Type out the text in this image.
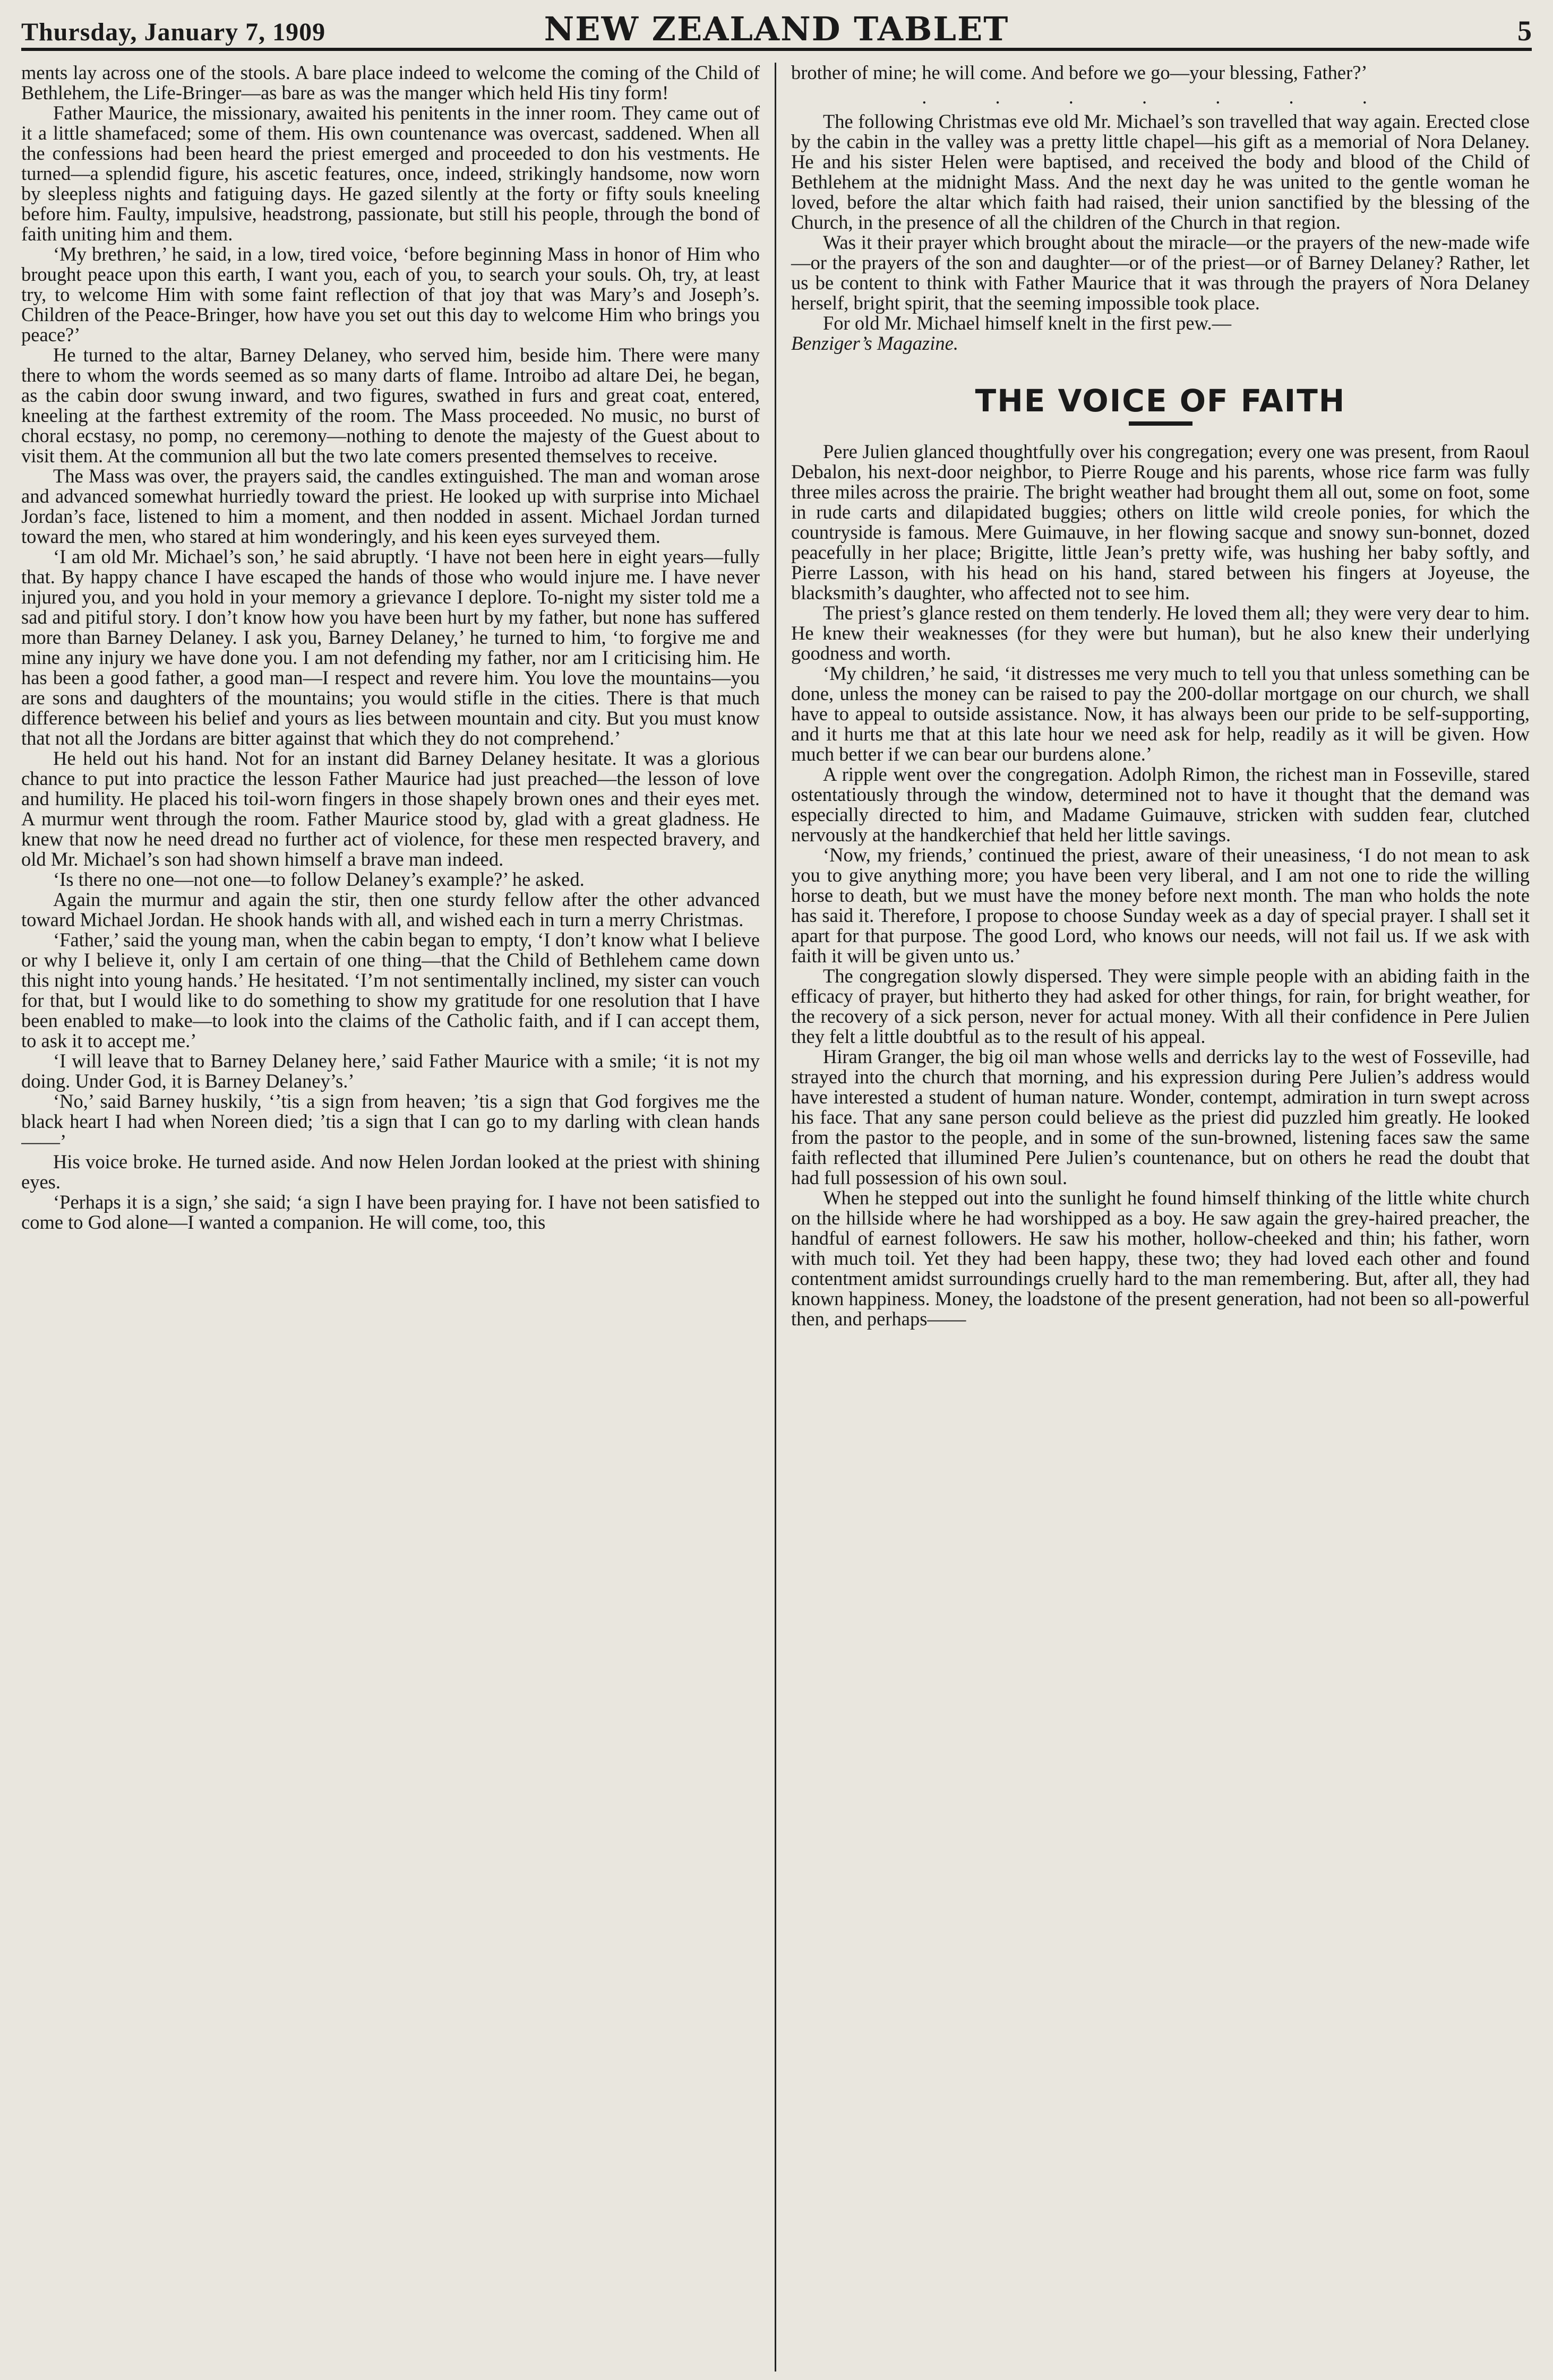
Thursday, January 7, 1909	NEW ZEALAND TABLET	5

ments lay across one of the stools. A bare place indeed to welcome the coming of the Child of Bethlehem, the Life-Bringer—as bare as was the manger which held His tiny form!

Father Maurice, the missionary, awaited his penitents in the inner room. They came out of it a little shamefaced; some of them. His own countenance was overcast, saddened. When all the confessions had been heard the priest emerged and proceeded to don his vestments. He turned—a splendid figure, his ascetic features, once, indeed, strikingly handsome, now worn by sleepless nights and fatiguing days. He gazed silently at the forty or fifty souls kneeling before him. Faulty, impulsive, headstrong, passionate, but still his people, through the bond of faith uniting him and them.

‘My brethren,’ he said, in a low, tired voice, ‘before beginning Mass in honor of Him who brought peace upon this earth, I want you, each of you, to search your souls. Oh, try, at least try, to welcome Him with some faint reflection of that joy that was Mary’s and Joseph’s. Children of the Peace-Bringer, how have you set out this day to welcome Him who brings you peace?’

He turned to the altar, Barney Delaney, who served him, beside him. There were many there to whom the words seemed as so many darts of flame. Introibo ad altare Dei, he began, as the cabin door swung inward, and two figures, swathed in furs and great coat, entered, kneeling at the farthest extremity of the room. The Mass proceeded. No music, no burst of choral ecstasy, no pomp, no ceremony—nothing to denote the majesty of the Guest about to visit them. At the communion all but the two late comers presented themselves to receive.

The Mass was over, the prayers said, the candles extinguished. The man and woman arose and advanced somewhat hurriedly toward the priest. He looked up with surprise into Michael Jordan’s face, listened to him a moment, and then nodded in assent. Michael Jordan turned toward the men, who stared at him wonderingly, and his keen eyes surveyed them.

‘I am old Mr. Michael’s son,’ he said abruptly. ‘I have not been here in eight years—fully that. By happy chance I have escaped the hands of those who would injure me. I have never injured you, and you hold in your memory a grievance I deplore. To-night my sister told me a sad and pitiful story. I don’t know how you have been hurt by my father, but none has suffered more than Barney Delaney. I ask you, Barney Delaney,’ he turned to him, ‘to forgive me and mine any injury we have done you. I am not defending my father, nor am I criticising him. He has been a good father, a good man—I respect and revere him. You love the mountains—you are sons and daughters of the mountains; you would stifle in the cities. There is that much difference between his belief and yours as lies between mountain and city. But you must know that not all the Jordans are bitter against that which they do not comprehend.’

He held out his hand. Not for an instant did Barney Delaney hesitate. It was a glorious chance to put into practice the lesson Father Maurice had just preached—the lesson of love and humility. He placed his toil-worn fingers in those shapely brown ones and their eyes met. A murmur went through the room. Father Maurice stood by, glad with a great gladness. He knew that now he need dread no further act of violence, for these men respected bravery, and old Mr. Michael’s son had shown himself a brave man indeed.

‘Is there no one—not one—to follow Delaney’s example?’ he asked.

Again the murmur and again the stir, then one sturdy fellow after the other advanced toward Michael Jordan. He shook hands with all, and wished each in turn a merry Christmas.

‘Father,’ said the young man, when the cabin began to empty, ‘I don’t know what I believe or why I believe it, only I am certain of one thing—that the Child of Bethlehem came down this night into young hands.’ He hesitated. ‘I’m not sentimentally inclined, my sister can vouch for that, but I would like to do something to show my gratitude for one resolution that I have been enabled to make—to look into the claims of the Catholic faith, and if I can accept them, to ask it to accept me.’

‘I will leave that to Barney Delaney here,’ said Father Maurice with a smile; ‘it is not my doing. Under God, it is Barney Delaney’s.’

‘No,’ said Barney huskily, ‘’tis a sign from heaven; ’tis a sign that God forgives me the black heart I had when Noreen died; ’tis a sign that I can go to my darling with clean hands——’

His voice broke. He turned aside. And now Helen Jordan looked at the priest with shining eyes.

‘Perhaps it is a sign,’ she said; ‘a sign I have been praying for. I have not been satisfied to come to God alone—I wanted a companion. He will come, too, this

brother of mine; he will come. And before we go—your blessing, Father?’

. . . . . . .

The following Christmas eve old Mr. Michael’s son travelled that way again. Erected close by the cabin in the valley was a pretty little chapel—his gift as a memorial of Nora Delaney. He and his sister Helen were baptised, and received the body and blood of the Child of Bethlehem at the midnight Mass. And the next day he was united to the gentle woman he loved, before the altar which faith had raised, their union sanctified by the blessing of the Church, in the presence of all the children of the Church in that region.

Was it their prayer which brought about the miracle—or the prayers of the new-made wife—or the prayers of the son and daughter—or of the priest—or of Barney Delaney? Rather, let us be content to think with Father Maurice that it was through the prayers of Nora Delaney herself, bright spirit, that the seeming impossible took place.

For old Mr. Michael himself knelt in the first pew.—
Benziger’s Magazine.

THE VOICE OF FAITH

Pere Julien glanced thoughtfully over his congregation; every one was present, from Raoul Debalon, his next-door neighbor, to Pierre Rouge and his parents, whose rice farm was fully three miles across the prairie. The bright weather had brought them all out, some on foot, some in rude carts and dilapidated buggies; others on little wild creole ponies, for which the countryside is famous. Mere Guimauve, in her flowing sacque and snowy sun-bonnet, dozed peacefully in her place; Brigitte, little Jean’s pretty wife, was hushing her baby softly, and Pierre Lasson, with his head on his hand, stared between his fingers at Joyeuse, the blacksmith’s daughter, who affected not to see him.

The priest’s glance rested on them tenderly. He loved them all; they were very dear to him. He knew their weaknesses (for they were but human), but he also knew their underlying goodness and worth.

‘My children,’ he said, ‘it distresses me very much to tell you that unless something can be done, unless the money can be raised to pay the 200-dollar mortgage on our church, we shall have to appeal to outside assistance. Now, it has always been our pride to be self-supporting, and it hurts me that at this late hour we need ask for help, readily as it will be given. How much better if we can bear our burdens alone.’

A ripple went over the congregation. Adolph Rimon, the richest man in Fosseville, stared ostentatiously through the window, determined not to have it thought that the demand was especially directed to him, and Madame Guimauve, stricken with sudden fear, clutched nervously at the handkerchief that held her little savings.

‘Now, my friends,’ continued the priest, aware of their uneasiness, ‘I do not mean to ask you to give anything more; you have been very liberal, and I am not one to ride the willing horse to death, but we must have the money before next month. The man who holds the note has said it. Therefore, I propose to choose Sunday week as a day of special prayer. I shall set it apart for that purpose. The good Lord, who knows our needs, will not fail us. If we ask with faith it will be given unto us.’

The congregation slowly dispersed. They were simple people with an abiding faith in the efficacy of prayer, but hitherto they had asked for other things, for rain, for bright weather, for the recovery of a sick person, never for actual money. With all their confidence in Pere Julien they felt a little doubtful as to the result of his appeal.

Hiram Granger, the big oil man whose wells and derricks lay to the west of Fosseville, had strayed into the church that morning, and his expression during Pere Julien’s address would have interested a student of human nature. Wonder, contempt, admiration in turn swept across his face. That any sane person could believe as the priest did puzzled him greatly. He looked from the pastor to the people, and in some of the sun-browned, listening faces saw the same faith reflected that illumined Pere Julien’s countenance, but on others he read the doubt that had full possession of his own soul.

When he stepped out into the sunlight he found himself thinking of the little white church on the hillside where he had worshipped as a boy. He saw again the grey-haired preacher, the handful of earnest followers. He saw his mother, hollow-cheeked and thin; his father, worn with much toil. Yet they had been happy, these two; they had loved each other and found contentment amidst surroundings cruelly hard to the man remembering. But, after all, they had known happiness. Money, the loadstone of the present generation, had not been so all-powerful then, and perhaps——
